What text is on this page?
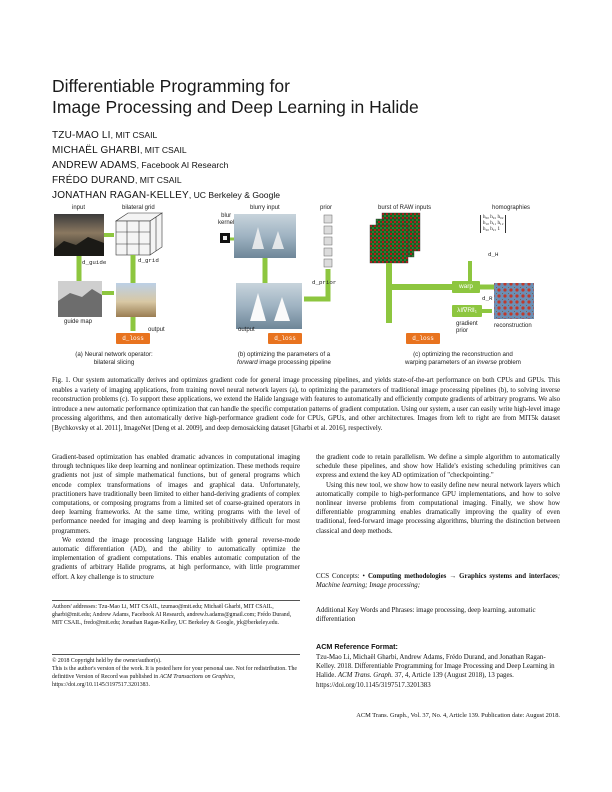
Differentiable Programming for
Image Processing and Deep Learning in Halide
TZU-MAO LI, MIT CSAIL
MICHAËL GHARBI, MIT CSAIL
ANDREW ADAMS, Facebook AI Research
FRÉDO DURAND, MIT CSAIL
JONATHAN RAGAN-KELLEY, UC Berkeley & Google
input	bilateral grid
d_guide	d_grid
guide map
output
d_loss
(a) Neural network operator:
bilateral slicing
blur
kernel
blurry input	prior
d_prior
output
d_loss
(b) optimizing the parameters of a
forward image processing pipeline
burst of RAW inputs	homographies
h₀₀ h₀₁ h₀₂
h₁₀ h₁₁ h₁₂
h₂₀ h₂₁ 1
d_H
warp
d_R
λ‖∇R‖₁
gradient
prior
reconstruction
d_loss
(c) optimizing the reconstruction and
warping parameters of an inverse problem
Fig. 1. Our system automatically derives and optimizes gradient code for general image processing pipelines, and yields state-of-the-art performance on both CPUs and GPUs. This enables a variety of imaging applications, from training novel neural network layers (a), to optimizing the parameters of traditional image processing pipelines (b), to solving inverse reconstruction problems (c). To support these applications, we extend the Halide language with features to automatically and efficiently compute gradients of arbitrary programs. We also introduce a new automatic performance optimization that can handle the specific computation patterns of gradient computation. Using our system, a user can easily write high-level image processing algorithms, and then automatically derive high-performance gradient code for CPUs, GPUs, and other architectures. Images from left to right are from MIT5k dataset [Bychkovsky et al. 2011], ImageNet [Deng et al. 2009], and deep demosaicking dataset [Gharbi et al. 2016], respectively.

Gradient-based optimization has enabled dramatic advances in computational imaging through techniques like deep learning and nonlinear optimization. These methods require gradients not just of simple mathematical functions, but of general programs which encode complex transformations of images and graphical data. Unfortunately, practitioners have traditionally been limited to either hand-deriving gradients of complex computations, or composing programs from a limited set of coarse-grained operators in deep learning frameworks. At the same time, writing programs with the level of performance needed for imaging and deep learning is prohibitively difficult for most programmers.

We extend the image processing language Halide with general reverse-mode automatic differentiation (AD), and the ability to automatically optimize the implementation of gradient computations. This enables automatic computation of the gradients of arbitrary Halide programs, at high performance, with little programmer effort. A key challenge is to structure

Authors' addresses: Tzu-Mao Li, MIT CSAIL, tzumao@mit.edu; Michaël Gharbi, MIT CSAIL, gharbi@mit.edu; Andrew Adams, Facebook AI Research, andrew.b.adams@gmail.com; Frédo Durand, MIT CSAIL, fredo@mit.edu; Jonathan Ragan-Kelley, UC Berkeley & Google, jrk@berkeley.edu.
© 2018 Copyright held by the owner/author(s).
This is the author's version of the work. It is posted here for your personal use. Not for redistribution. The definitive Version of Record was published in ACM Transactions on Graphics, https://doi.org/10.1145/3197517.3201383.

the gradient code to retain parallelism. We define a simple algorithm to automatically schedule these pipelines, and show how Halide's existing scheduling primitives can express and extend the key AD optimization of "checkpointing."

Using this new tool, we show how to easily define new neural network layers which automatically compile to high-performance GPU implementations, and how to solve nonlinear inverse problems from computational imaging. Finally, we show how differentiable programming enables dramatically improving the quality of even traditional, feed-forward image processing algorithms, blurring the distinction between classical and deep methods.

CCS Concepts: • Computing methodologies → Graphics systems and interfaces; Machine learning; Image processing;
Additional Key Words and Phrases: image processing, deep learning, automatic differentiation
ACM Reference Format:
Tzu-Mao Li, Michaël Gharbi, Andrew Adams, Frédo Durand, and Jonathan Ragan-Kelley. 2018. Differentiable Programming for Image Processing and Deep Learning in Halide. ACM Trans. Graph. 37, 4, Article 139 (August 2018), 13 pages. https://doi.org/10.1145/3197517.3201383
ACM Trans. Graph., Vol. 37, No. 4, Article 139. Publication date: August 2018.
